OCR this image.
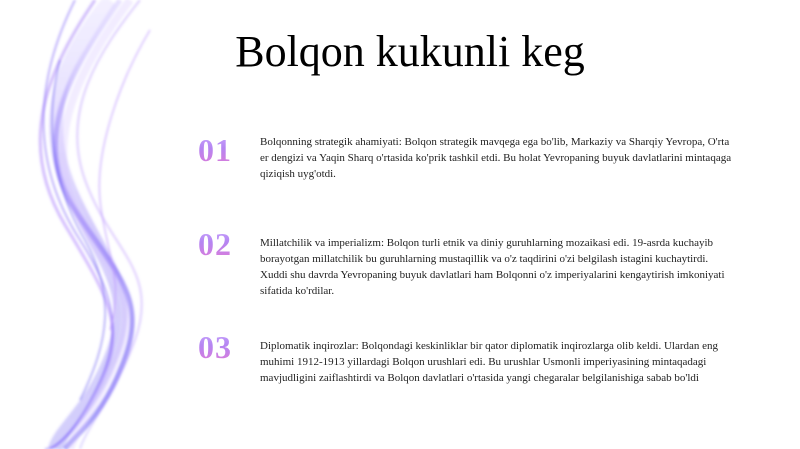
Bolqon kukunli keg
01	Bolqonning strategik ahamiyati: Bolqon strategik mavqega ega bo'lib, Markaziy va Sharqiy Yevropa, O'rta er dengizi va Yaqin Sharq o'rtasida ko'prik tashkil etdi. Bu holat Yevropaning buyuk davlatlarini mintaqaga qiziqish uyg'otdi.
02	Millatchilik va imperializm: Bolqon turli etnik va diniy guruhlarning mozaikasi edi. 19-asrda kuchayib borayotgan millatchilik bu guruhlarning mustaqillik va o'z taqdirini o'zi belgilash istagini kuchaytirdi. Xuddi shu davrda Yevropaning buyuk davlatlari ham Bolqonni o'z imperiyalarini kengaytirish imkoniyati sifatida ko'rdilar.
03	Diplomatik inqirozlar: Bolqondagi keskinliklar bir qator diplomatik inqirozlarga olib keldi. Ulardan eng muhimi 1912-1913 yillardagi Bolqon urushlari edi. Bu urushlar Usmonli imperiyasining mintaqadagi mavjudligini zaiflashtirdi va Bolqon davlatlari o'rtasida yangi chegaralar belgilanishiga sabab bo'ldi
